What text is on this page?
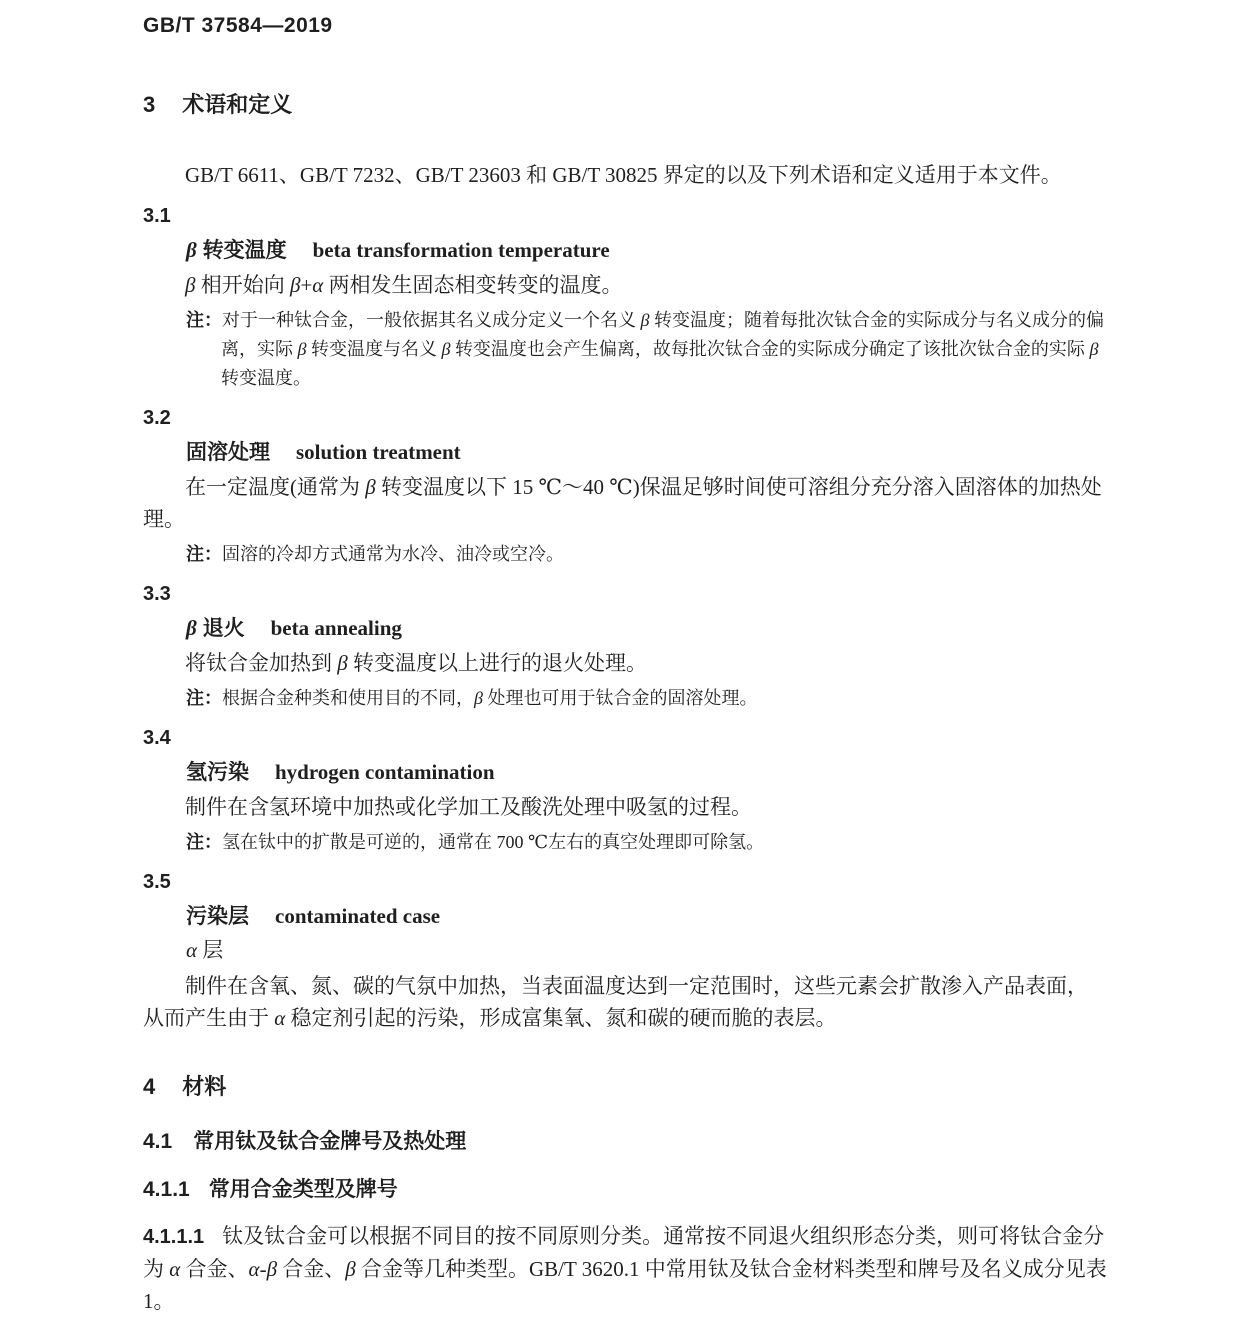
GB/T 37584—2019
3 术语和定义

GB/T 6611、GB/T 7232、GB/T 23603 和 GB/T 30825 界定的以及下列术语和定义适用于本文件。

3.1
β 转变温度 beta transformation temperature

β 相开始向 β+α 两相发生固态相变转变的温度。

注：对于一种钛合金，一般依据其名义成分定义一个名义 β 转变温度；随着每批次钛合金的实际成分与名义成分的偏离，实际 β 转变温度与名义 β 转变温度也会产生偏离，故每批次钛合金的实际成分确定了该批次钛合金的实际 β 转变温度。

3.2
固溶处理 solution treatment

在一定温度(通常为 β 转变温度以下 15 ℃～40 ℃)保温足够时间使可溶组分充分溶入固溶体的加热处理。

注：固溶的冷却方式通常为水冷、油冷或空冷。

3.3
β 退火 beta annealing

将钛合金加热到 β 转变温度以上进行的退火处理。

注：根据合金种类和使用目的不同，β 处理也可用于钛合金的固溶处理。

3.4
氢污染 hydrogen contamination

制件在含氢环境中加热或化学加工及酸洗处理中吸氢的过程。

注：氢在钛中的扩散是可逆的，通常在 700 ℃左右的真空处理即可除氢。

3.5
污染层 contaminated case

α 层

制件在含氧、氮、碳的气氛中加热，当表面温度达到一定范围时，这些元素会扩散渗入产品表面，从而产生由于 α 稳定剂引起的污染，形成富集氧、氮和碳的硬而脆的表层。

4 材料
4.1 常用钛及钛合金牌号及热处理
4.1.1 常用合金类型及牌号

4.1.1.1 钛及钛合金可以根据不同目的按不同原则分类。通常按不同退火组织形态分类，则可将钛合金分为 α 合金、α-β 合金、β 合金等几种类型。GB/T 3620.1 中常用钛及钛合金材料类型和牌号及名义成分见表 1。
